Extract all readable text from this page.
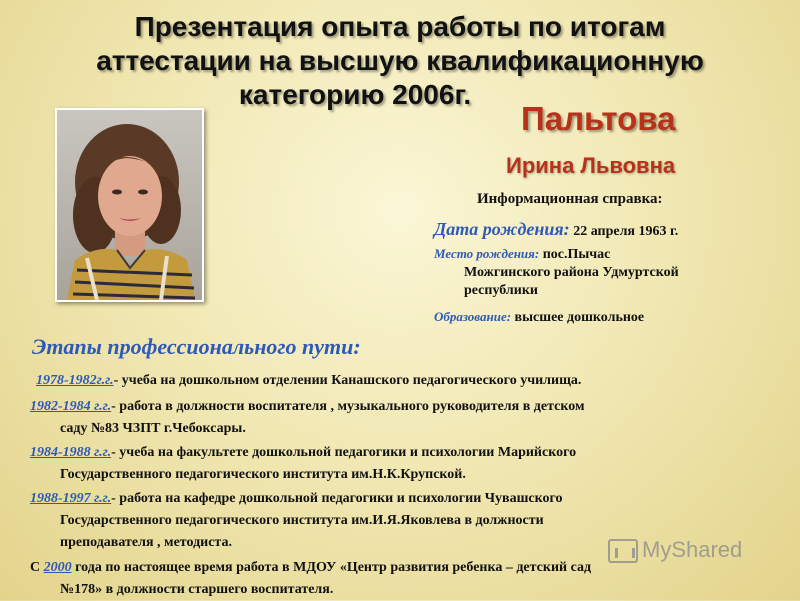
Презентация опыта работы по итогам
аттестации на высшую квалификационную
категорию 2006г.
Пальтова
Ирина Львовна
Информационная справка:
Дата рождения: 22 апреля 1963 г.
Место рождения: пос.Пычас
Можгинского района Удмуртской
республики
Образование: высшее дошкольное
Этапы профессионального пути:
1978-1982г.г.- учеба на дошкольном отделении Канашского педагогического училища.
1982-1984 г.г.- работа в должности воспитателя , музыкального руководителя в детском
саду №83 ЧЗПТ г.Чебоксары.
1984-1988 г.г.- учеба на факультете дошкольной педагогики и психологии Марийского
Государственного педагогического института им.Н.К.Крупской.
1988-1997 г.г.- работа на кафедре дошкольной педагогики и психологии Чувашского
Государственного педагогического института им.И.Я.Яковлева в должности
преподавателя , методиста.
С 2000 года по настоящее время работа в МДОУ «Центр развития ребенка – детский сад
№178» в должности старшего воспитателя.
MyShared
